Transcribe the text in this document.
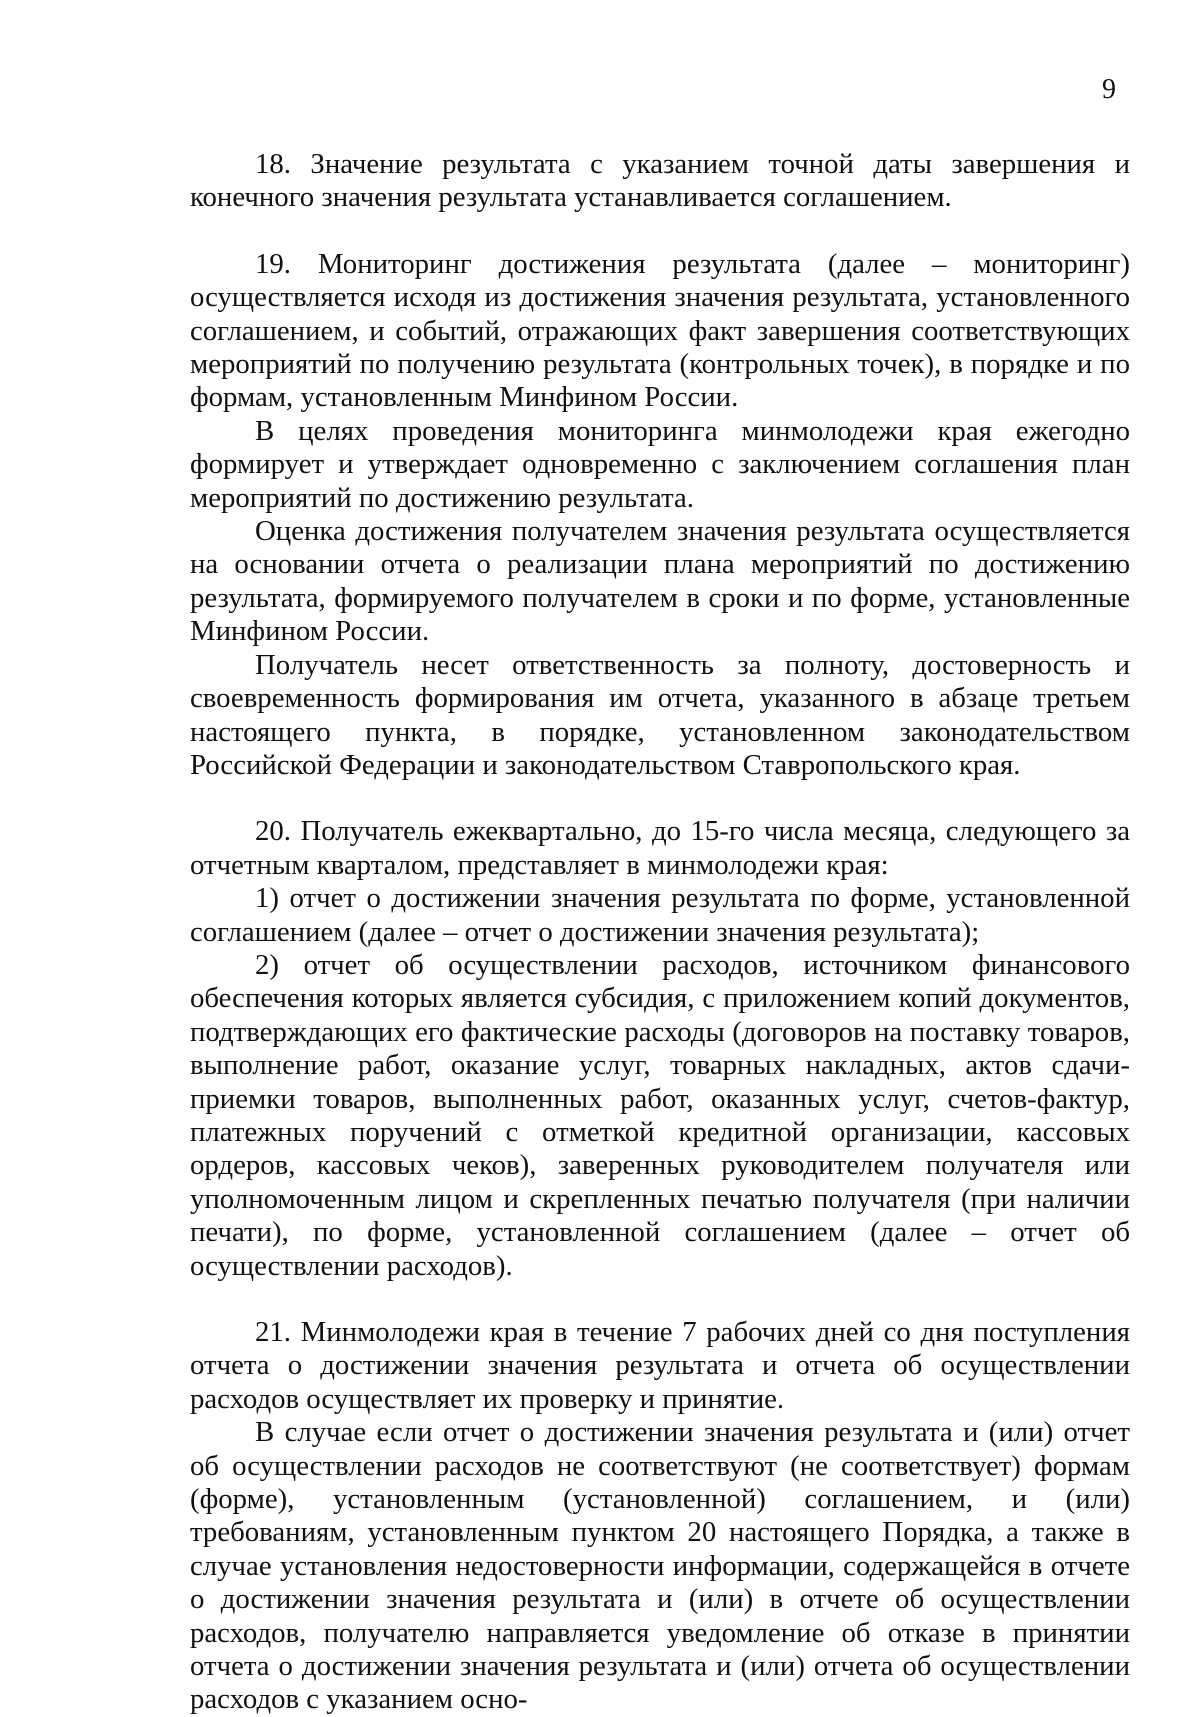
9

18. Значение результата с указанием точной даты завершения и конечного значения результата устанавливается соглашением.

19. Мониторинг достижения результата (далее – мониторинг) осуществляется исходя из достижения значения результата, установленного соглашением, и событий, отражающих факт завершения соответствующих мероприятий по получению результата (контрольных точек), в порядке и по формам, установленным Минфином России.

В целях проведения мониторинга минмолодежи края ежегодно формирует и утверждает одновременно с заключением соглашения план мероприятий по достижению результата.

Оценка достижения получателем значения результата осуществляется на основании отчета о реализации плана мероприятий по достижению результата, формируемого получателем в сроки и по форме, установленные Минфином России.

Получатель несет ответственность за полноту, достоверность и своевременность формирования им отчета, указанного в абзаце третьем настоящего пункта, в порядке, установленном законодательством Российской Федерации и законодательством Ставропольского края.

20. Получатель ежеквартально, до 15-го числа месяца, следующего за отчетным кварталом, представляет в минмолодежи края:

1) отчет о достижении значения результата по форме, установленной соглашением (далее – отчет о достижении значения результата);

2) отчет об осуществлении расходов, источником финансового обеспечения которых является субсидия, с приложением копий документов, подтверждающих его фактические расходы (договоров на поставку товаров, выполнение работ, оказание услуг, товарных накладных, актов сдачи-приемки товаров, выполненных работ, оказанных услуг, счетов-фактур, платежных поручений с отметкой кредитной организации, кассовых ордеров, кассовых чеков), заверенных руководителем получателя или уполномоченным лицом и скрепленных печатью получателя (при наличии печати), по форме, установленной соглашением (далее – отчет об осуществлении расходов).

21. Минмолодежи края в течение 7 рабочих дней со дня поступления отчета о достижении значения результата и отчета об осуществлении расходов осуществляет их проверку и принятие.

В случае если отчет о достижении значения результата и (или) отчет об осуществлении расходов не соответствуют (не соответствует) формам (форме), установленным (установленной) соглашением, и (или) требованиям, установленным пунктом 20 настоящего Порядка, а также в случае установления недостоверности информации, содержащейся в отчете о достижении значения результата и (или) в отчете об осуществлении расходов, получателю направляется уведомление об отказе в принятии отчета о достижении значения результата и (или) отчета об осуществлении расходов с указанием осно-
